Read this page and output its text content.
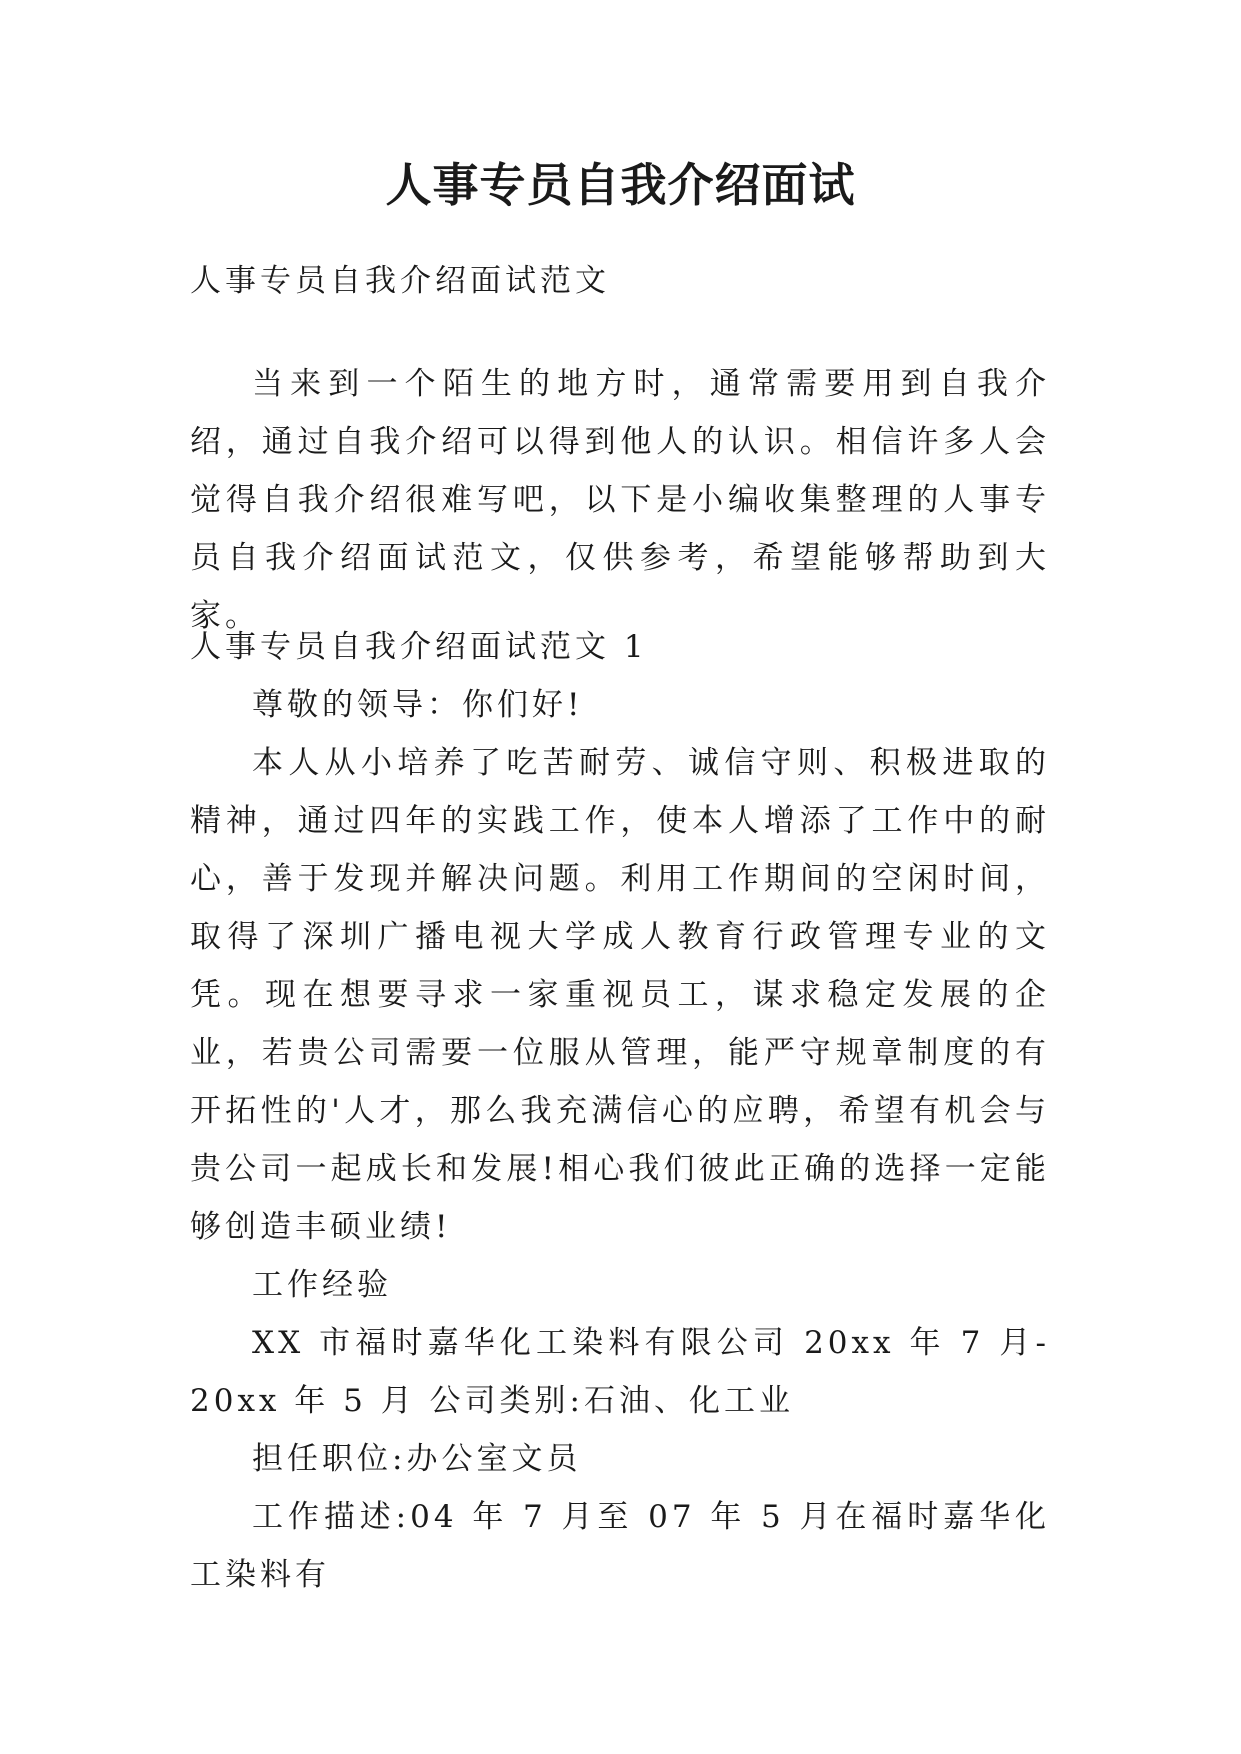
人事专员自我介绍面试
人事专员自我介绍面试范文

当来到一个陌生的地方时，通常需要用到自我介绍，通过自我介绍可以得到他人的认识。相信许多人会觉得自我介绍很难写吧，以下是小编收集整理的人事专员自我介绍面试范文，仅供参考，希望能够帮助到大家。

人事专员自我介绍面试范文 1

尊敬的领导：你们好!

本人从小培养了吃苦耐劳、诚信守则、积极进取的精神，通过四年的实践工作，使本人增添了工作中的耐心，善于发现并解决问题。利用工作期间的空闲时间，取得了深圳广播电视大学成人教育行政管理专业的文凭。现在想要寻求一家重视员工，谋求稳定发展的企业，若贵公司需要一位服从管理，能严守规章制度的有开拓性的'人才，那么我充满信心的应聘，希望有机会与贵公司一起成长和发展!相心我们彼此正确的选择一定能够创造丰硕业绩!

工作经验

XX 市福时嘉华化工染料有限公司 20xx 年 7 月-20xx 年 5 月 公司类别:石油、化工业

担任职位:办公室文员

工作描述:04 年 7 月至 07 年 5 月在福时嘉华化工染料有
